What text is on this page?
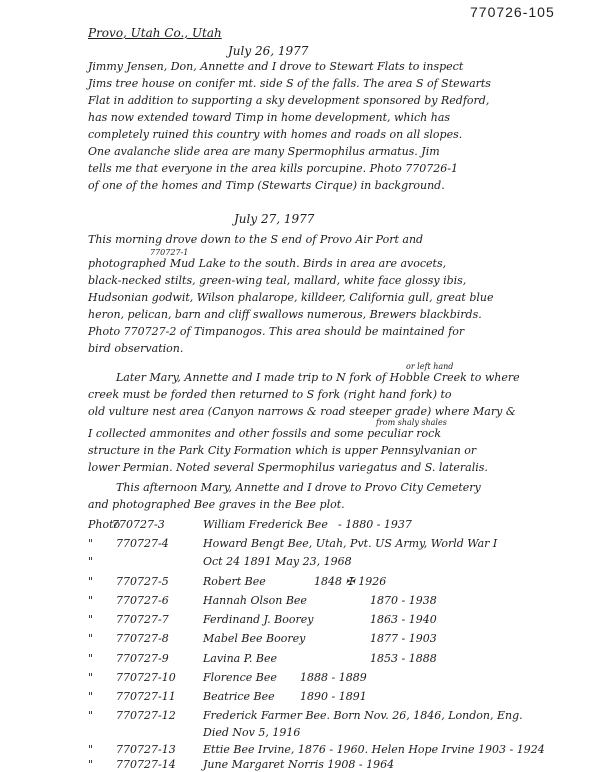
770726-105
Provo, Utah Co., Utah
July 26, 1977
Jimmy Jensen, Don, Annette and I drove to Stewart Flats to inspect
Jims tree house on conifer mt. side S of the falls. The area S of Stewarts
Flat in addition to supporting a sky development sponsored by Redford,
has now extended toward Timp in home development, which has
completely ruined this country with homes and roads on all slopes.
One avalanche slide area are many Spermophilus armatus. Jim
tells me that everyone in the area kills porcupine. Photo 770726-1
of one of the homes and Timp (Stewarts Cirque) in background.
July 27, 1977
This morning drove down to the S end of Provo Air Port and
770727-1
photographed Mud Lake to the south. Birds in area are avocets,
black-necked stilts, green-wing teal, mallard, white face glossy ibis,
Hudsonian godwit, Wilson phalarope, killdeer, California gull, great blue
heron, pelican, barn and cliff swallows numerous, Brewers blackbirds.
Photo 770727-2 of Timpanogos. This area should be maintained for
bird observation.
or left hand
Later Mary, Annette and I made trip to N fork of Hobble Creek to where
creek must be forded then returned to S fork (right hand fork) to
old vulture nest area (Canyon narrows & road steeper grade) where Mary &
from shaly shales
I collected ammonites and other fossils and some peculiar rock
structure in the Park City Formation which is upper Pennsylvanian or
lower Permian. Noted several Spermophilus variegatus and S. lateralis.
This afternoon Mary, Annette and I drove to Provo City Cemetery
and photographed Bee graves in the Bee plot.
Photo
770727-3	William Frederick Bee - 1880 - 1937
" 770727-4	Howard Bengt Bee, Utah, Pvt. US Army, World War I
"	Oct 24 1891 May 23, 1968
" 770727-5	Robert Bee	1848 ✠ 1926
" 770727-6	Hannah Olson Bee	1870 - 1938
" 770727-7	Ferdinand J. Boorey	1863 - 1940
" 770727-8	Mabel Bee Boorey	1877 - 1903
" 770727-9	Lavina P. Bee	1853 - 1888
" 770727-10 Florence Bee 1888 - 1889
" 770727-11 Beatrice Bee 1890 - 1891
" 770727-12 Frederick Farmer Bee. Born Nov. 26, 1846, London, Eng.
Died Nov 5, 1916
" 770727-13 Ettie Bee Irvine, 1876 - 1960. Helen Hope Irvine 1903 - 1924
" 770727-14 June Margaret Norris 1908 - 1964
